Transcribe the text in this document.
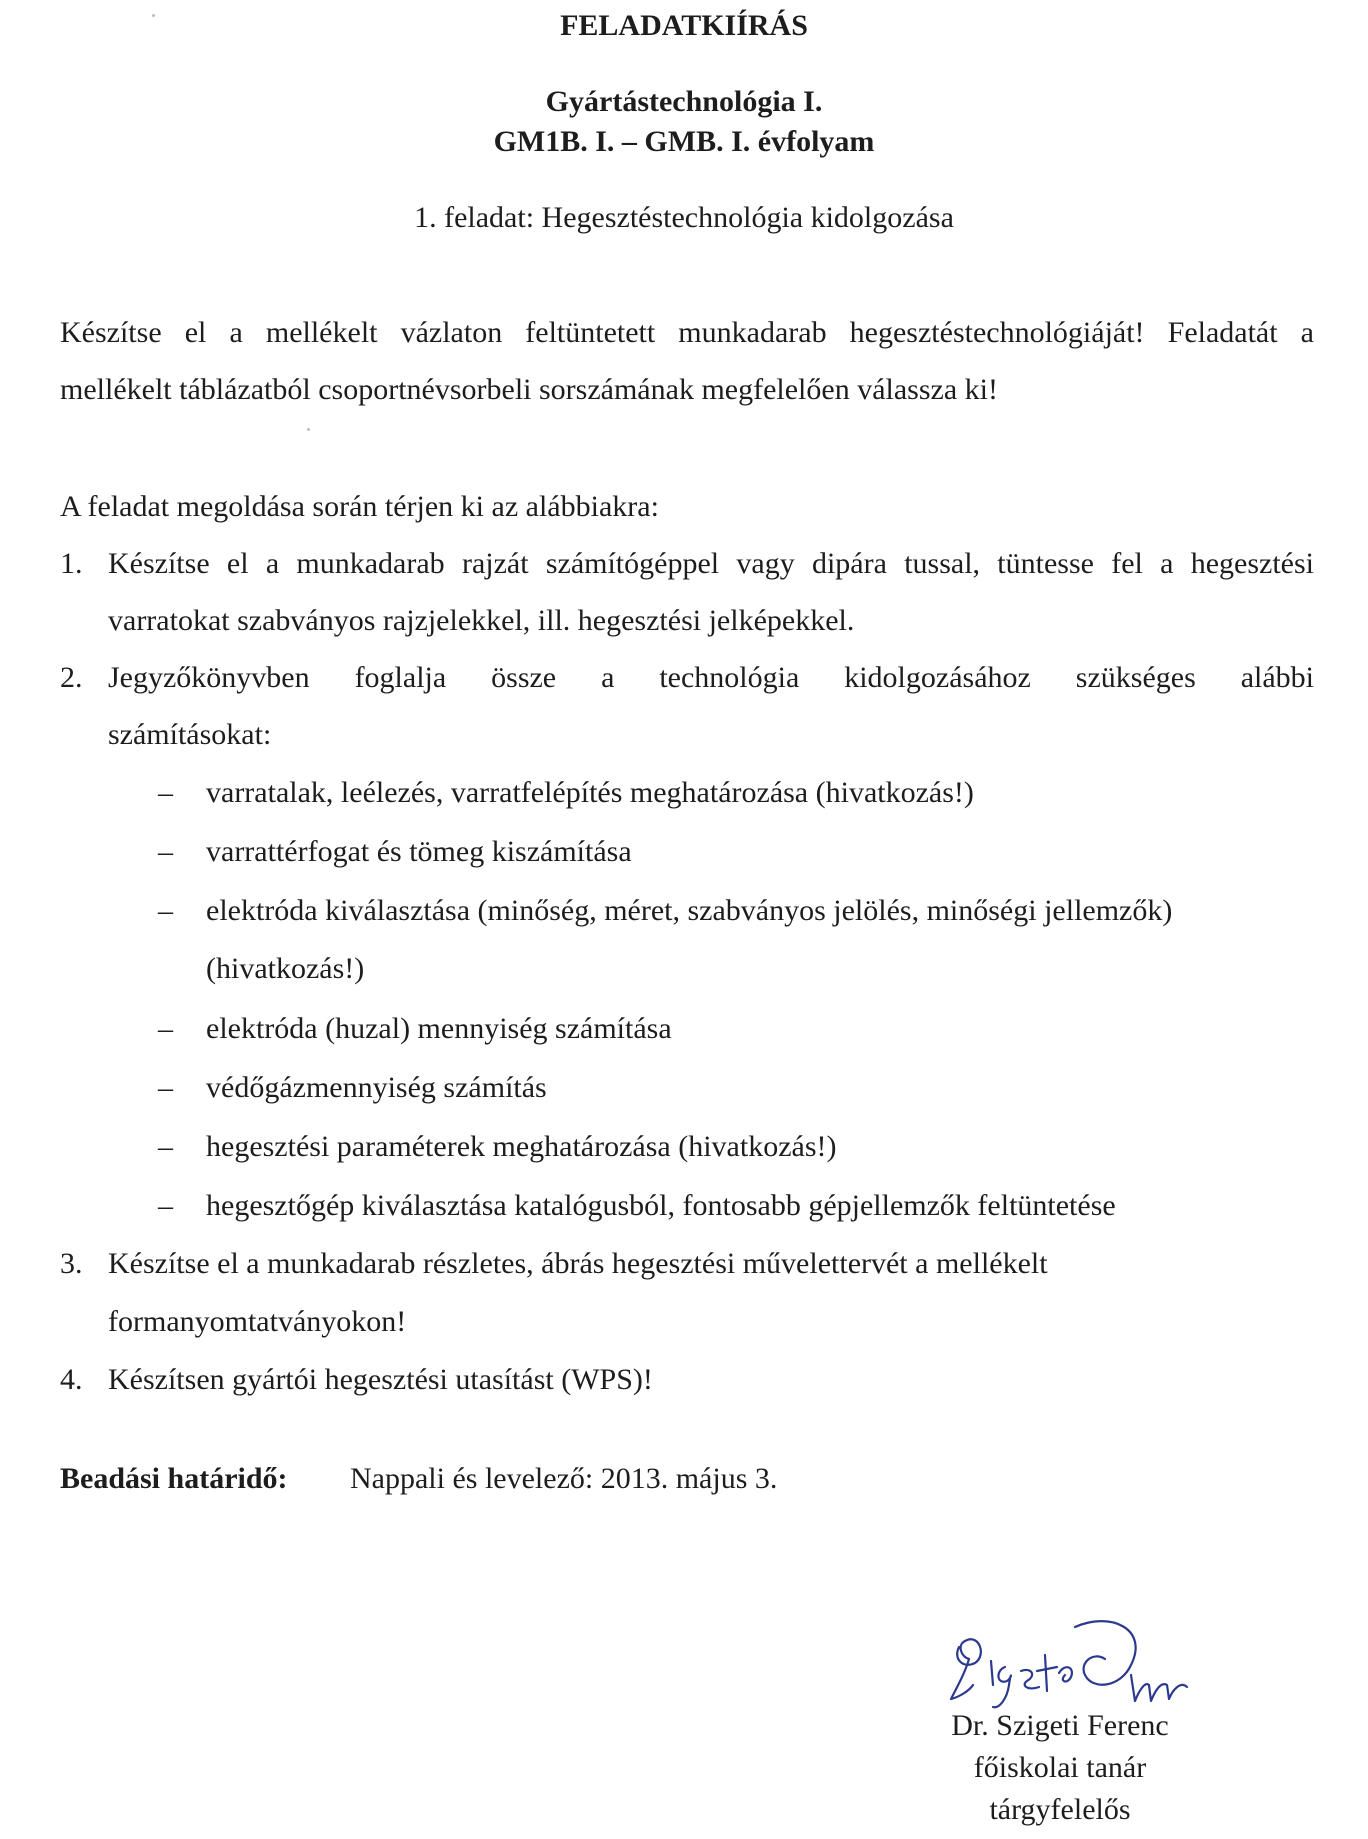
FELADATKIÍRÁS
Gyártástechnológia I.
GM1B. I. – GMB. I. évfolyam
1. feladat: Hegesztéstechnológia kidolgozása
Készítse el a mellékelt vázlaton feltüntetett munkadarab hegesztéstechnológiáját! Feladatát a
mellékelt táblázatból csoportnévsorbeli sorszámának megfelelően válassza ki!
A feladat megoldása során térjen ki az alábbiakra:
1. Készítse el a munkadarab rajzát számítógéppel vagy dipára tussal, tüntesse fel a hegesztési
varratokat szabványos rajzjelekkel, ill. hegesztési jelképekkel.
2. Jegyzőkönyvben foglalja össze a technológia kidolgozásához szükséges alábbi
számításokat:
– varratalak, leélezés, varratfelépítés meghatározása (hivatkozás!)
– varrattérfogat és tömeg kiszámítása
– elektróda kiválasztása (minőség, méret, szabványos jelölés, minőségi jellemzők)
(hivatkozás!)
– elektróda (huzal) mennyiség számítása
– védőgázmennyiség számítás
– hegesztési paraméterek meghatározása (hivatkozás!)
– hegesztőgép kiválasztása katalógusból, fontosabb gépjellemzők feltüntetése
3. Készítse el a munkadarab részletes, ábrás hegesztési művelettervét a mellékelt
formanyomtatványokon!
4. Készítsen gyártói hegesztési utasítást (WPS)!
Beadási határidő: Nappali és levelező: 2013. május 3.
Dr. Szigeti Ferenc
főiskolai tanár
tárgyfelelős
